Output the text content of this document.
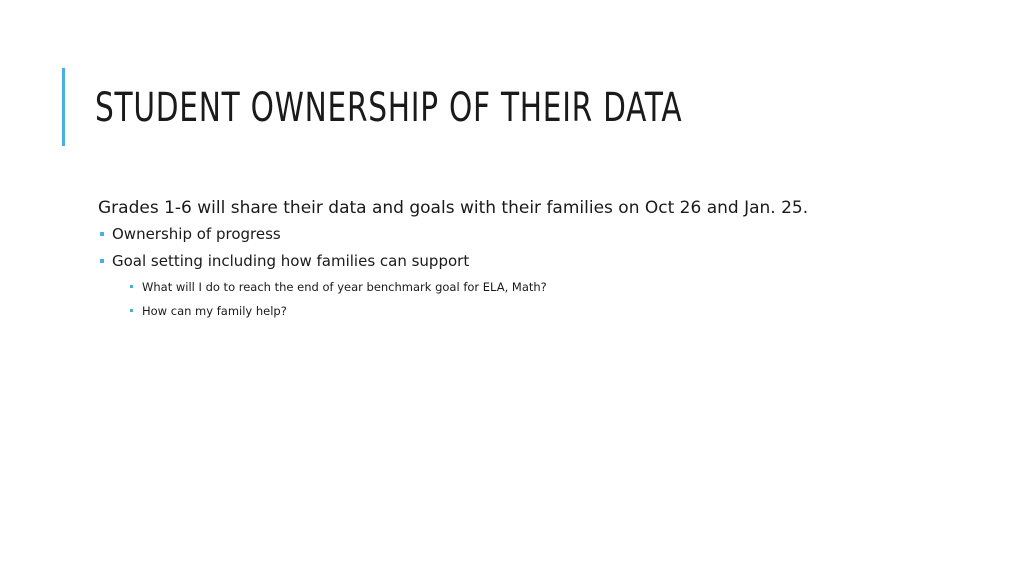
STUDENT OWNERSHIP OF THEIR DATA

Grades 1-6 will share their data and goals with their families on Oct 26 and Jan. 25.

Ownership of progress
Goal setting including how families can support
What will I do to reach the end of year benchmark goal for ELA, Math?
How can my family help?
